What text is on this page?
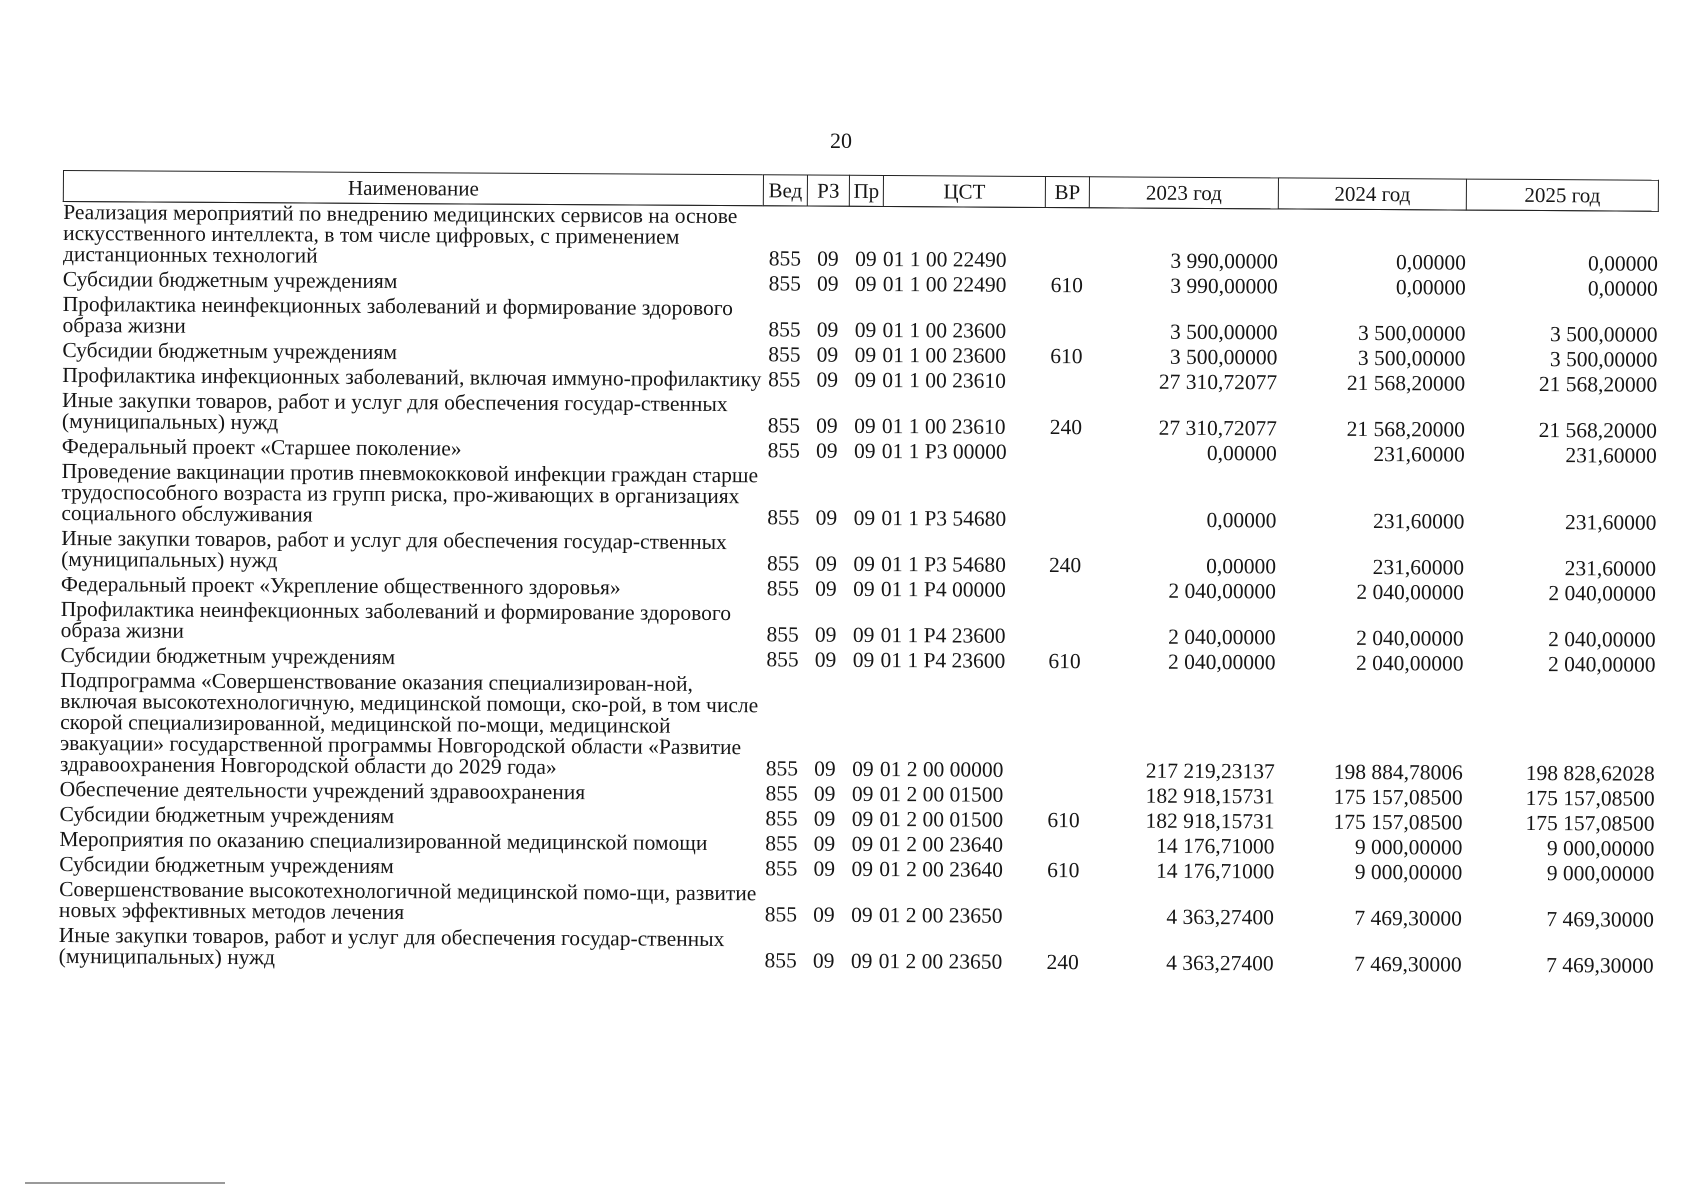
20
Наименование	Вед	РЗ	Пр	ЦСТ	ВР	2023 год	2024 год	2025 год
Реализация мероприятий по внедрению медицинских сервисов на основе искусственного интеллекта, в том числе цифровых, с применением дистанционных технологий	855	09	09	01 1 00 22490		3 990,00000	0,00000	0,00000
Субсидии бюджетным учреждениям	855	09	09	01 1 00 22490	610	3 990,00000	0,00000	0,00000
Профилактика неинфекционных заболеваний и формирование здорового образа жизни	855	09	09	01 1 00 23600		3 500,00000	3 500,00000	3 500,00000
Субсидии бюджетным учреждениям	855	09	09	01 1 00 23600	610	3 500,00000	3 500,00000	3 500,00000
Профилактика инфекционных заболеваний, включая иммуно-профилактику	855	09	09	01 1 00 23610		27 310,72077	21 568,20000	21 568,20000
Иные закупки товаров, работ и услуг для обеспечения государ-ственных (муниципальных) нужд	855	09	09	01 1 00 23610	240	27 310,72077	21 568,20000	21 568,20000
Федеральный проект «Старшее поколение»	855	09	09	01 1 P3 00000		0,00000	231,60000	231,60000
Проведение вакцинации против пневмококковой инфекции граждан старше трудоспособного возраста из групп риска, про-живающих в организациях социального обслуживания	855	09	09	01 1 P3 54680		0,00000	231,60000	231,60000
Иные закупки товаров, работ и услуг для обеспечения государ-ственных (муниципальных) нужд	855	09	09	01 1 P3 54680	240	0,00000	231,60000	231,60000
Федеральный проект «Укрепление общественного здоровья»	855	09	09	01 1 P4 00000		2 040,00000	2 040,00000	2 040,00000
Профилактика неинфекционных заболеваний и формирование здорового образа жизни	855	09	09	01 1 P4 23600		2 040,00000	2 040,00000	2 040,00000
Субсидии бюджетным учреждениям	855	09	09	01 1 P4 23600	610	2 040,00000	2 040,00000	2 040,00000
Подпрограмма «Совершенствование оказания специализирован-ной, включая высокотехнологичную, медицинской помощи, ско-рой, в том числе скорой специализированной, медицинской по-мощи, медицинской эвакуации» государственной программы Новгородской области «Развитие здравоохранения Новгородской области до 2029 года»	855	09	09	01 2 00 00000		217 219,23137	198 884,78006	198 828,62028
Обеспечение деятельности учреждений здравоохранения	855	09	09	01 2 00 01500		182 918,15731	175 157,08500	175 157,08500
Субсидии бюджетным учреждениям	855	09	09	01 2 00 01500	610	182 918,15731	175 157,08500	175 157,08500
Мероприятия по оказанию специализированной медицинской помощи	855	09	09	01 2 00 23640		14 176,71000	9 000,00000	9 000,00000
Субсидии бюджетным учреждениям	855	09	09	01 2 00 23640	610	14 176,71000	9 000,00000	9 000,00000
Совершенствование высокотехнологичной медицинской помо-щи, развитие новых эффективных методов лечения	855	09	09	01 2 00 23650		4 363,27400	7 469,30000	7 469,30000
Иные закупки товаров, работ и услуг для обеспечения государ-ственных (муниципальных) нужд	855	09	09	01 2 00 23650	240	4 363,27400	7 469,30000	7 469,30000
